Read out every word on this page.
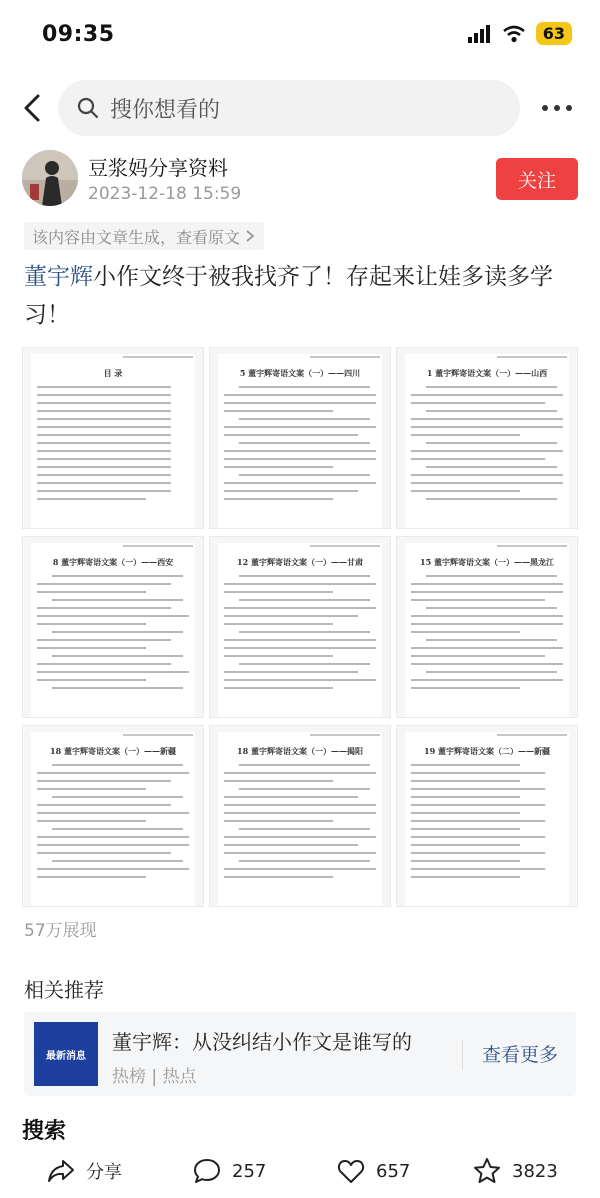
09:35	63
搜你想看的
豆浆妈分享资料
2023-12-18 15:59
关注
该内容由文章生成，查看原文
董宇辉小作文终于被我找齐了！存起来让娃多读多学习！
目 录	5 董宇辉寄语文案（一）——四川	1 董宇辉寄语文案（一）——山西
8 董宇辉寄语文案（一）——西安	12 董宇辉寄语文案（一）——甘肃	15 董宇辉寄语文案（一）——黑龙江
18 董宇辉寄语文案（一）——新疆	18 董宇辉寄语文案（一）——揭阳	19 董宇辉寄语文案（二）——新疆
57万展现
相关推荐
最新消息
董宇辉：从没纠结小作文是谁写的
热榜 | 热点
查看更多
搜索
分享	257	657	3823
